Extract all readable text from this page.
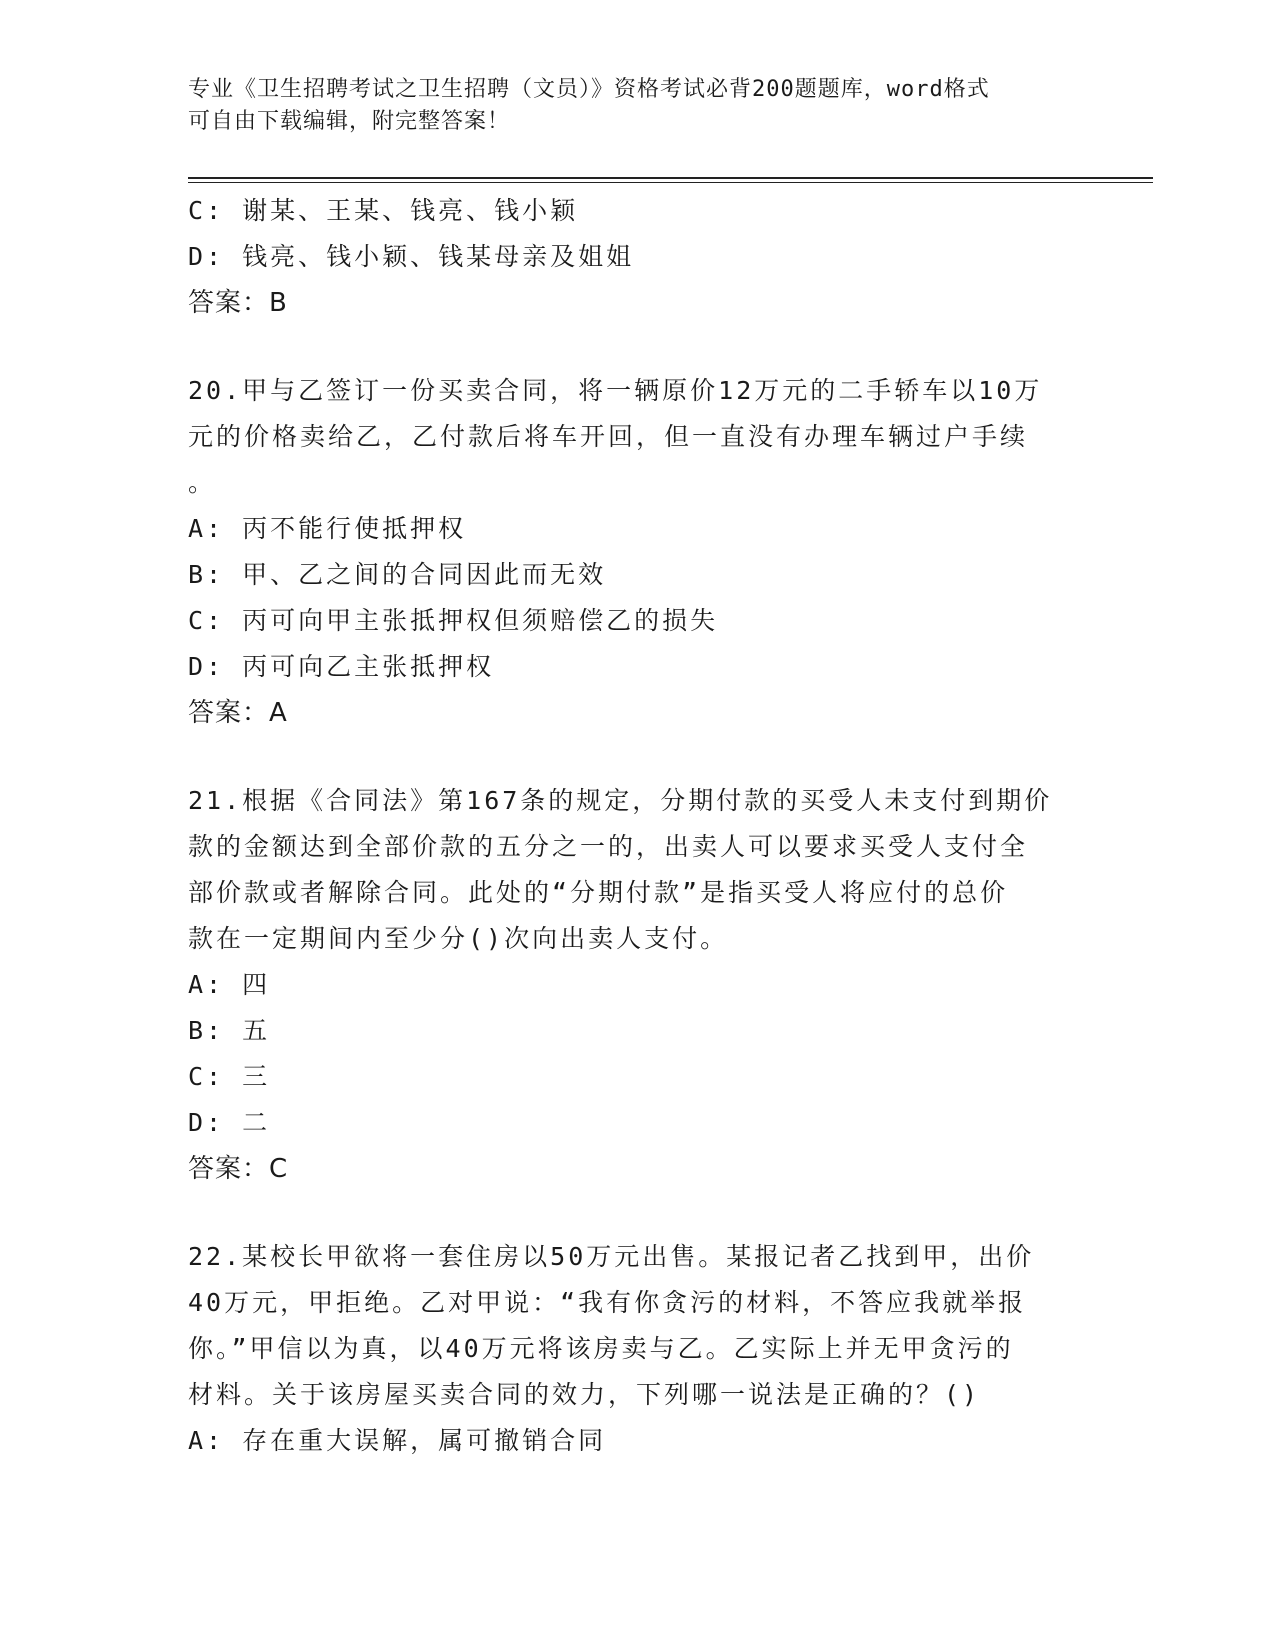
专业《卫生招聘考试之卫生招聘（文员）》资格考试必背200题题库，word格式
可自由下载编辑，附完整答案！
C: 谢某、王某、钱亮、钱小颖
D: 钱亮、钱小颖、钱某母亲及姐姐
答案：B
20.甲与乙签订一份买卖合同，将一辆原价12万元的二手轿车以10万
元的价格卖给乙，乙付款后将车开回，但一直没有办理车辆过户手续
。
A: 丙不能行使抵押权
B: 甲、乙之间的合同因此而无效
C: 丙可向甲主张抵押权但须赔偿乙的损失
D: 丙可向乙主张抵押权
答案：A
21.根据《合同法》第167条的规定，分期付款的买受人未支付到期价
款的金额达到全部价款的五分之一的，出卖人可以要求买受人支付全
部价款或者解除合同。此处的“分期付款”是指买受人将应付的总价
款在一定期间内至少分()次向出卖人支付。
A: 四
B: 五
C: 三
D: 二
答案：C
22.某校长甲欲将一套住房以50万元出售。某报记者乙找到甲，出价
40万元，甲拒绝。乙对甲说：“我有你贪污的材料，不答应我就举报
你。”甲信以为真，以40万元将该房卖与乙。乙实际上并无甲贪污的
材料。关于该房屋买卖合同的效力，下列哪一说法是正确的？()
A: 存在重大误解，属可撤销合同
